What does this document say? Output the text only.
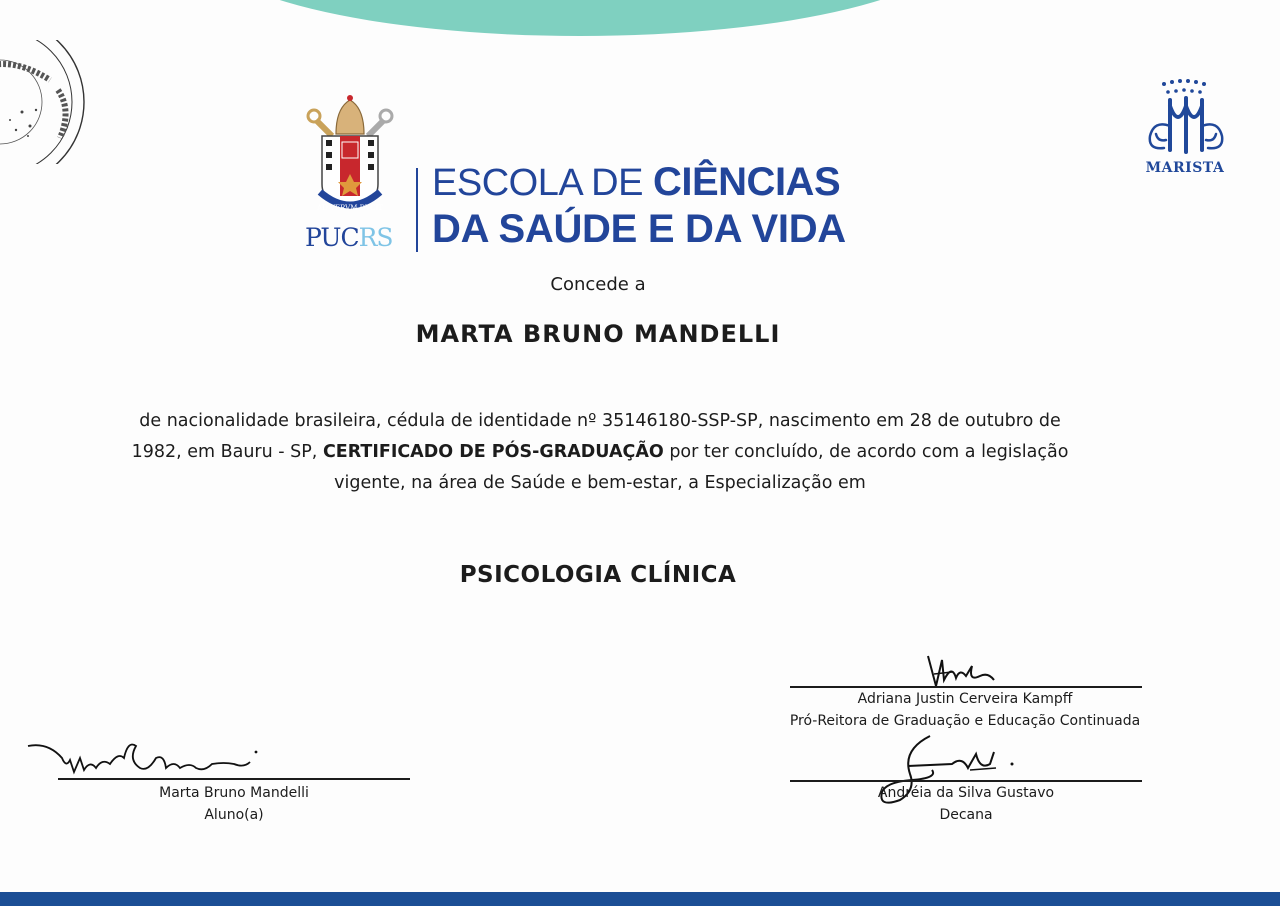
MARISTA
AD VERVM DVCIT
PUCRS
ESCOLA DE CIÊNCIAS
DA SAÚDE E DA VIDA
Concede a
MARTA BRUNO MANDELLI
de nacionalidade brasileira, cédula de identidade nº 35146180-SSP-SP, nascimento em 28 de outubro de
1982, em Bauru - SP, CERTIFICADO DE PÓS-GRADUAÇÃO por ter concluído, de acordo com a legislação
vigente, na área de Saúde e bem-estar, a Especialização em
PSICOLOGIA CLÍNICA
Adriana Justin Cerveira Kampff
Pró-Reitora de Graduação e Educação Continuada
Andréia da Silva Gustavo
Decana
Marta Bruno Mandelli
Aluno(a)
